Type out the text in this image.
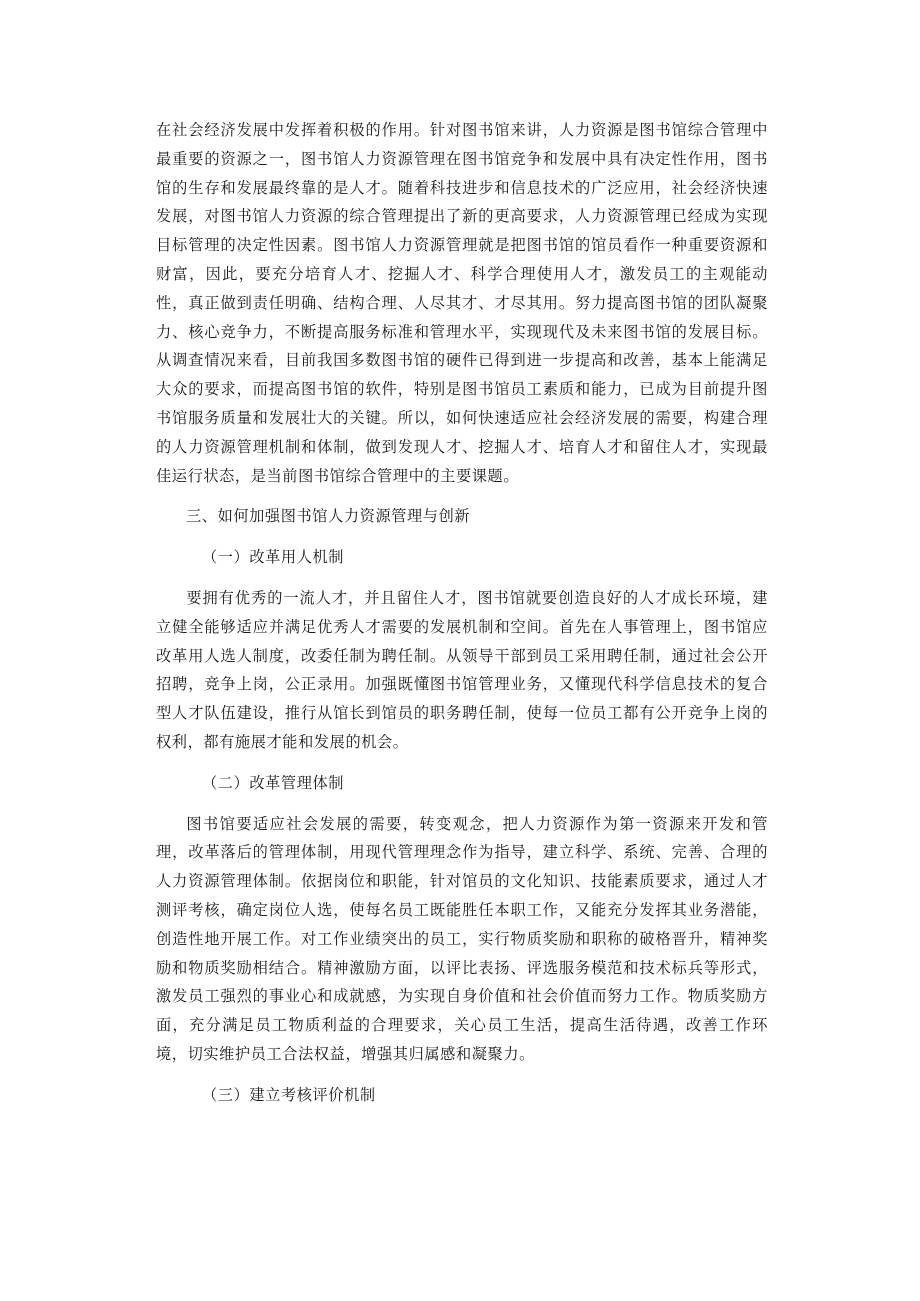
在社会经济发展中发挥着积极的作用。针对图书馆来讲，人力资源是图书馆综合管理中最重要的资源之一，图书馆人力资源管理在图书馆竞争和发展中具有决定性作用，图书馆的生存和发展最终靠的是人才。随着科技进步和信息技术的广泛应用，社会经济快速发展，对图书馆人力资源的综合管理提出了新的更高要求，人力资源管理已经成为实现目标管理的决定性因素。图书馆人力资源管理就是把图书馆的馆员看作一种重要资源和财富，因此，要充分培育人才、挖掘人才、科学合理使用人才，激发员工的主观能动性，真正做到责任明确、结构合理、人尽其才、才尽其用。努力提高图书馆的团队凝聚力、核心竞争力，不断提高服务标准和管理水平，实现现代及未来图书馆的发展目标。从调查情况来看，目前我国多数图书馆的硬件已得到进一步提高和改善，基本上能满足大众的要求，而提高图书馆的软件，特别是图书馆员工素质和能力，已成为目前提升图书馆服务质量和发展壮大的关键。所以，如何快速适应社会经济发展的需要，构建合理的人力资源管理机制和体制，做到发现人才、挖掘人才、培育人才和留住人才，实现最佳运行状态，是当前图书馆综合管理中的主要课题。

三、如何加强图书馆人力资源管理与创新

（一）改革用人机制

要拥有优秀的一流人才，并且留住人才，图书馆就要创造良好的人才成长环境，建立健全能够适应并满足优秀人才需要的发展机制和空间。首先在人事管理上，图书馆应改革用人选人制度，改委任制为聘任制。从领导干部到员工采用聘任制，通过社会公开招聘，竞争上岗，公正录用。加强既懂图书馆管理业务，又懂现代科学信息技术的复合型人才队伍建设，推行从馆长到馆员的职务聘任制，使每一位员工都有公开竞争上岗的权利，都有施展才能和发展的机会。

（二）改革管理体制

图书馆要适应社会发展的需要，转变观念，把人力资源作为第一资源来开发和管理，改革落后的管理体制，用现代管理理念作为指导，建立科学、系统、完善、合理的人力资源管理体制。依据岗位和职能，针对馆员的文化知识、技能素质要求，通过人才测评考核，确定岗位人选，使每名员工既能胜任本职工作，又能充分发挥其业务潜能，创造性地开展工作。对工作业绩突出的员工，实行物质奖励和职称的破格晋升，精神奖励和物质奖励相结合。精神激励方面，以评比表扬、评选服务模范和技术标兵等形式，激发员工强烈的事业心和成就感，为实现自身价值和社会价值而努力工作。物质奖励方面，充分满足员工物质利益的合理要求，关心员工生活，提高生活待遇，改善工作环境，切实维护员工合法权益，增强其归属感和凝聚力。

（三）建立考核评价机制
